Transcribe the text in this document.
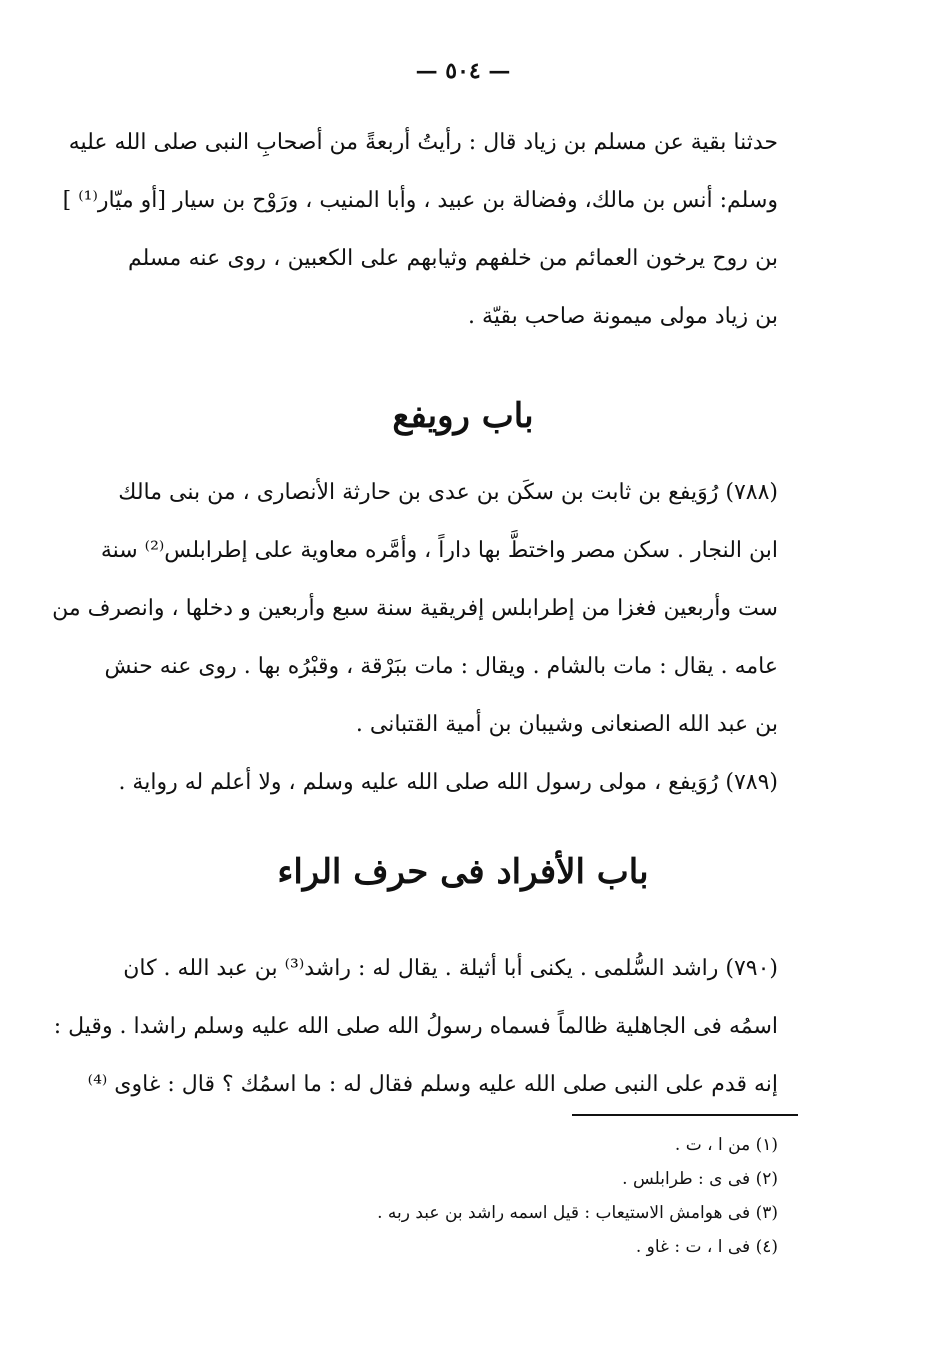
— ٥٠٤ —
حدثنا بقية عن مسلم بن زياد قال : رأيتُ أربعةً من أصحابِ النبى صلى الله عليه
وسلم: أنس بن مالك، وفضالة بن عبيد ، وأبا المنيب ، ورَوْح بن سيار [أو ميّار⁽¹⁾ ]
بن روح يرخون العمائم من خلفهم وثيابهم على الكعبين ، روى عنه مسلم
بن زياد مولى ميمونة صاحب بقيّة .
باب رويفع
(٧٨٨) رُوَيفع بن ثابت بن سكَن بن عدى بن حارثة الأنصارى ، من بنى مالك
ابن النجار . سكن مصر واختطَّ بها داراً ، وأمَّره معاوية على إطرابلس⁽²⁾ سنة
ست وأربعين فغزا من إطرابلس إفريقية سنة سبع وأربعين و دخلها ، وانصرف من
عامه . يقال : مات بالشام . ويقال : مات ببَرْقة ، وقبْرُه بها . روى عنه حنش
بن عبد الله الصنعانى وشيبان بن أمية القتبانى .
(٧٨٩) رُوَيفع ، مولى رسول الله صلى الله عليه وسلم ، ولا أعلم له رواية .
باب الأفراد فى حرف الراء
(٧٩٠) راشد السُّلمى . يكنى أبا أثيلة . يقال له : راشد⁽³⁾ بن عبد الله . كان
اسمُه فى الجاهلية ظالماً فسماه رسولُ الله صلى الله عليه وسلم راشدا . وقيل :
إنه قدم على النبى صلى الله عليه وسلم فقال له : ما اسمُك ؟ قال : غاوى ⁽⁴⁾
(١) من ا ، ت .
(٢) فى ى : طرابلس .
(٣) فى هوامش الاستيعاب : قيل اسمه راشد بن عبد ربه .
(٤) فى ا ، ت : غاو .
